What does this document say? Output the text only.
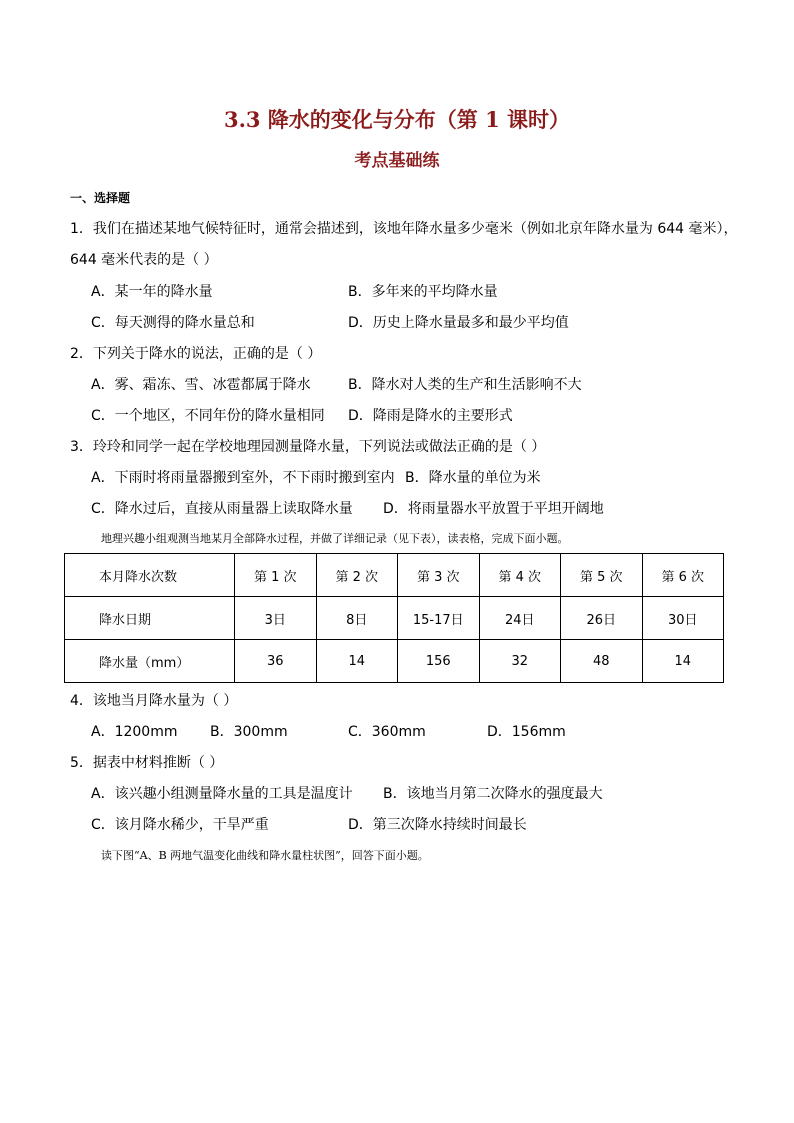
3.3 降水的变化与分布（第 1 课时）
考点基础练
一、选择题
1．我们在描述某地气候特征时，通常会描述到，该地年降水量多少毫米（例如北京年降水量为 644 毫米），
644 毫米代表的是（ ）
A．某一年的降水量	B．多年来的平均降水量
C．每天测得的降水量总和	D．历史上降水量最多和最少平均值
2．下列关于降水的说法，正确的是（ ）
A．雾、霜冻、雪、冰雹都属于降水	B．降水对人类的生产和生活影响不大
C．一个地区，不同年份的降水量相同 D．降雨是降水的主要形式
3．玲玲和同学一起在学校地理园测量降水量，下列说法或做法正确的是（ ）
A．下雨时将雨量器搬到室外，不下雨时搬到室内 B．降水量的单位为米
C．降水过后，直接从雨量器上读取降水量 D．将雨量器水平放置于平坦开阔地
地理兴趣小组观测当地某月全部降水过程，并做了详细记录（见下表），读表格，完成下面小题。
本月降水次数	第 1 次	第 2 次	第 3 次	第 4 次	第 5 次	第 6 次
降水日期	3日	8日	15-17日	24日	26日	30日
降水量（mm）	36	14	156	32	48	14
4．该地当月降水量为（ ）
A．1200mm B．300mm	C．360mm	D．156mm
5．据表中材料推断（ ）
A．该兴趣小组测量降水量的工具是温度计 B．该地当月第二次降水的强度最大
C．该月降水稀少，干旱严重	D．第三次降水持续时间最长
读下图“A、B 两地气温变化曲线和降水量柱状图”，回答下面小题。
